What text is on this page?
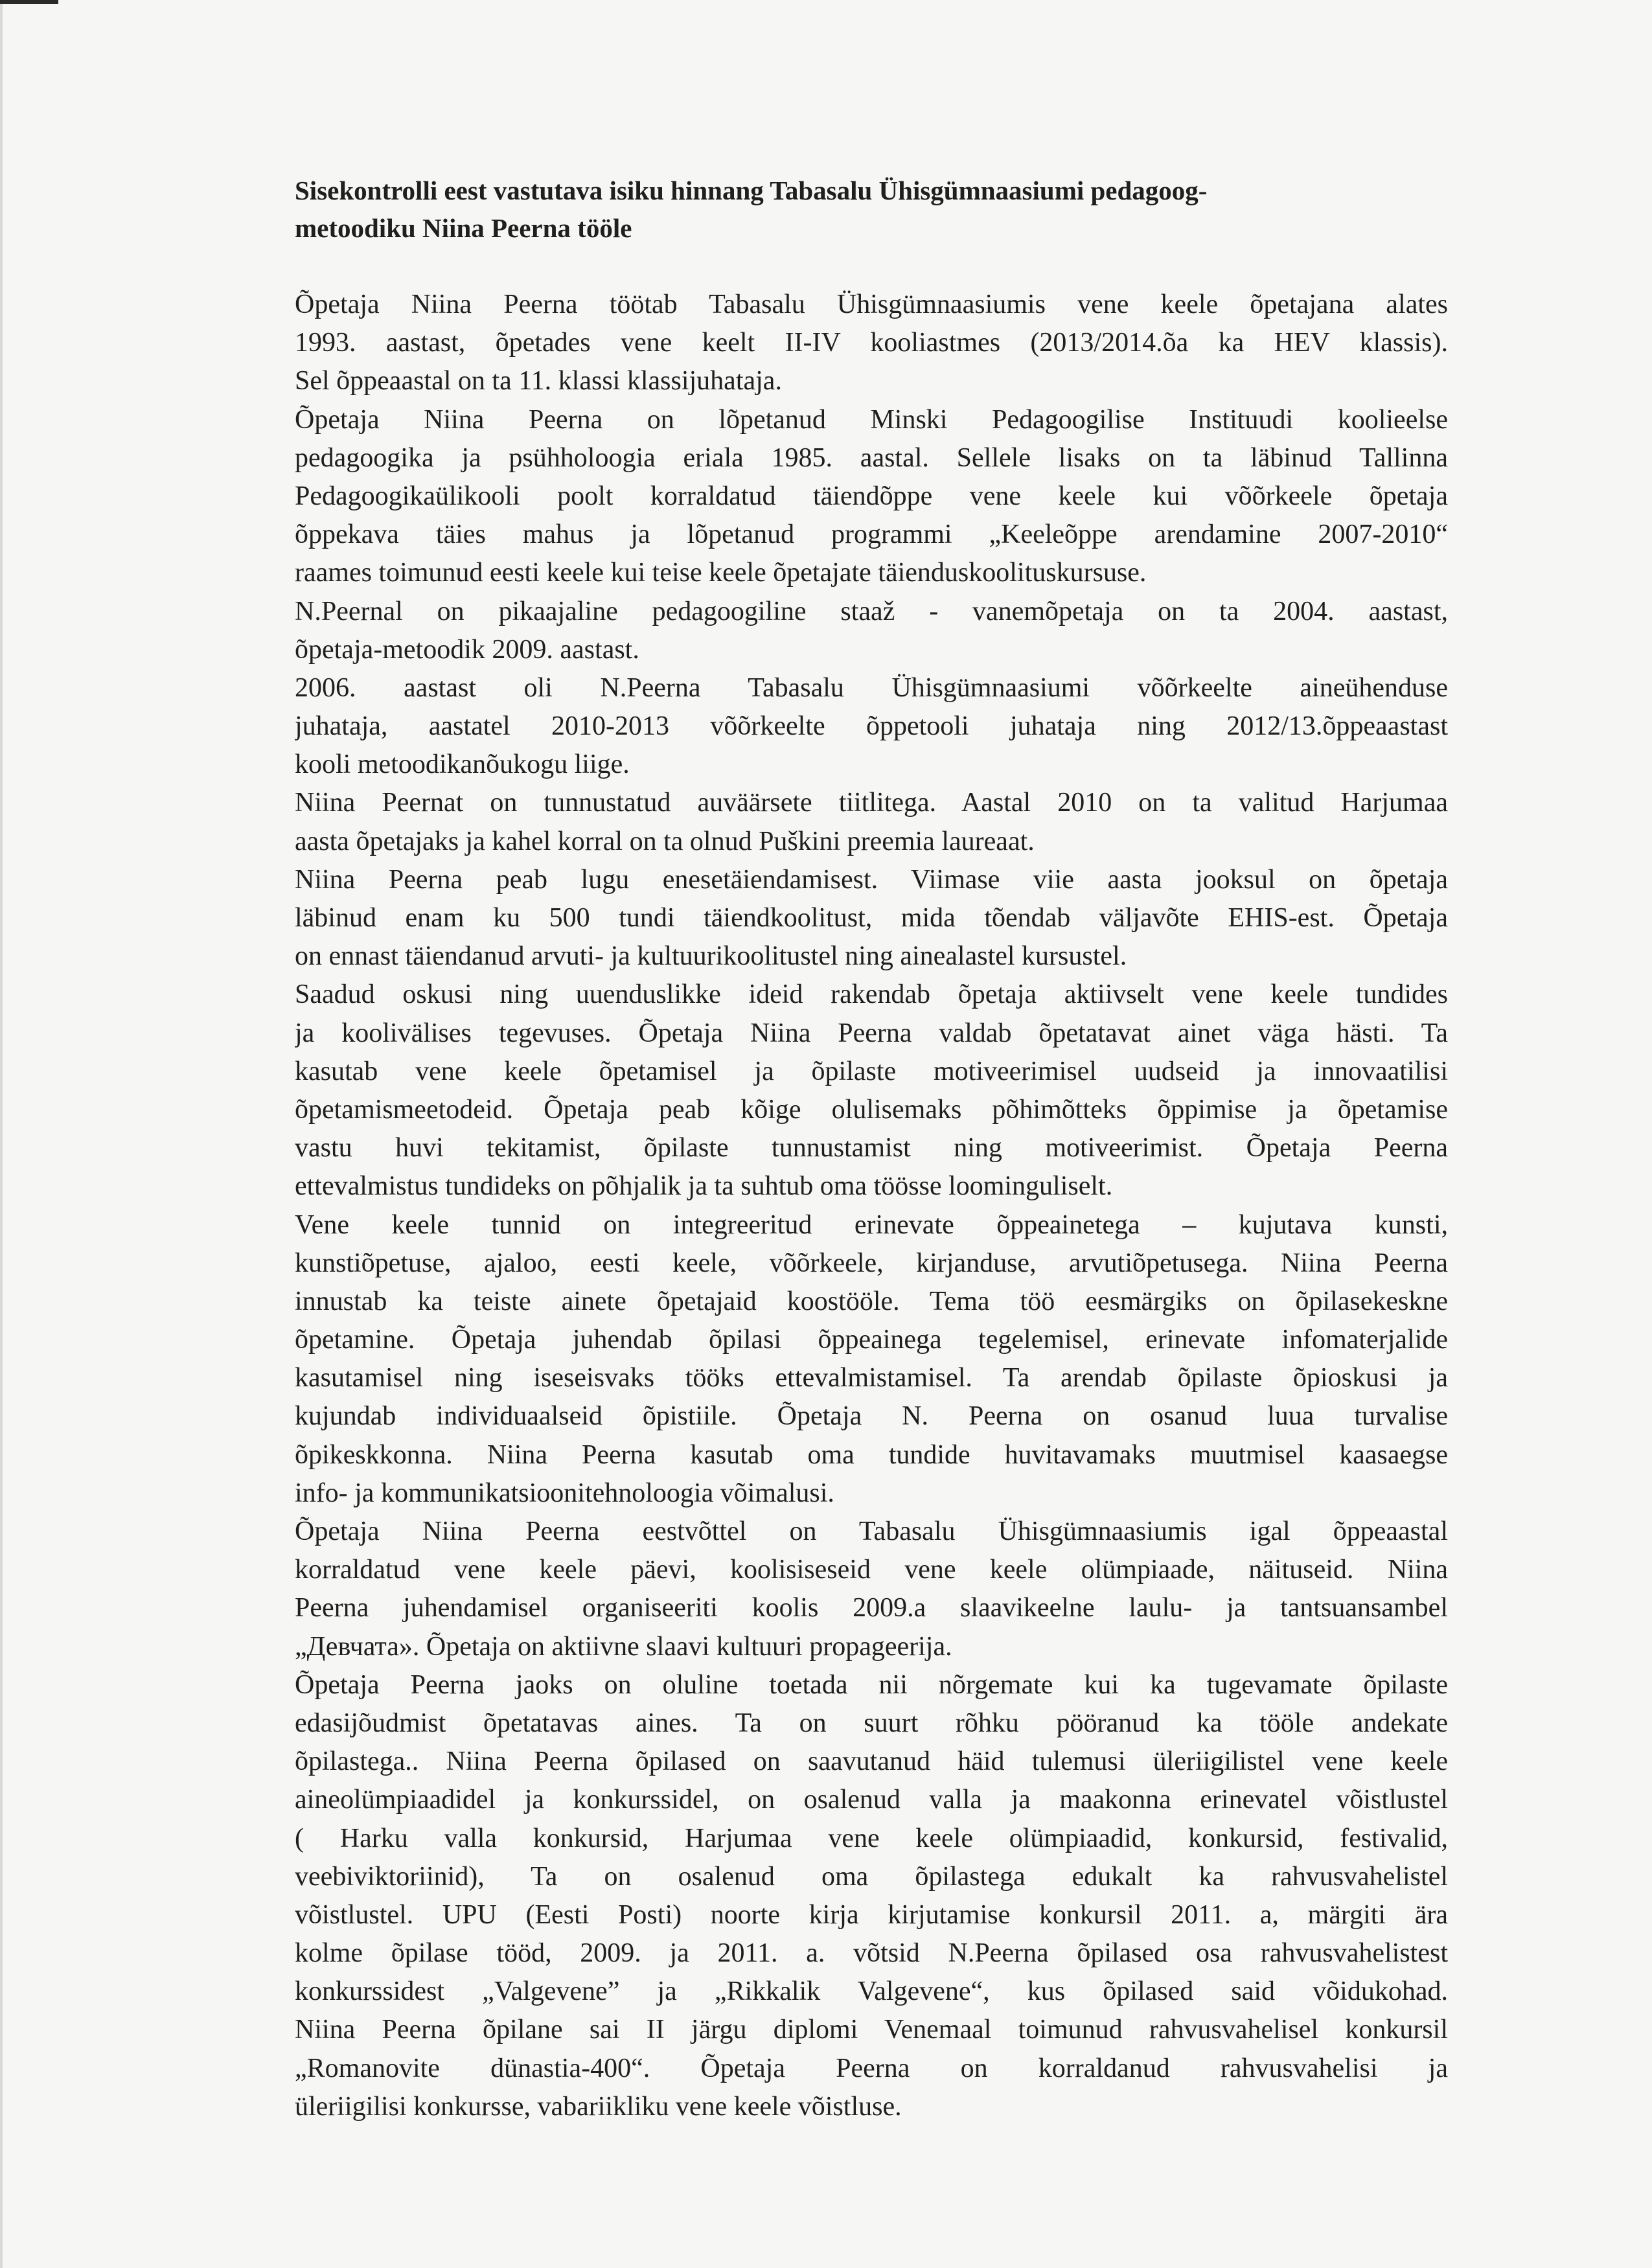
Sisekontrolli eest vastutava isiku hinnang Tabasalu Ühisgümnaasiumi pedagoog-
metoodiku Niina Peerna tööle

Õpetaja Niina Peerna töötab Tabasalu Ühisgümnaasiumis vene keele õpetajana alates
1993. aastast, õpetades vene keelt II-IV kooliastmes (2013/2014.õa ka HEV klassis).
Sel õppeaastal on ta 11. klassi klassijuhataja.

Õpetaja Niina Peerna on lõpetanud Minski Pedagoogilise Instituudi koolieelse
pedagoogika ja psühholoogia eriala 1985. aastal. Sellele lisaks on ta läbinud Tallinna
Pedagoogikaülikooli poolt korraldatud täiendõppe vene keele kui võõrkeele õpetaja
õppekava täies mahus ja lõpetanud programmi „Keeleõppe arendamine 2007-2010“
raames toimunud eesti keele kui teise keele õpetajate täienduskoolituskursuse.

N.Peernal on pikaajaline pedagoogiline staaž - vanemõpetaja on ta 2004. aastast,
õpetaja-metoodik 2009. aastast.

2006. aastast oli N.Peerna Tabasalu Ühisgümnaasiumi võõrkeelte aineühenduse
juhataja, aastatel 2010-2013 võõrkeelte õppetooli juhataja ning 2012/13.õppeaastast
kooli metoodikanõukogu liige.

Niina Peernat on tunnustatud auväärsete tiitlitega. Aastal 2010 on ta valitud Harjumaa
aasta õpetajaks ja kahel korral on ta olnud Puškini preemia laureaat.

Niina Peerna peab lugu enesetäiendamisest. Viimase viie aasta jooksul on õpetaja
läbinud enam ku 500 tundi täiendkoolitust, mida tõendab väljavõte EHIS-est. Õpetaja
on ennast täiendanud arvuti- ja kultuurikoolitustel ning ainealastel kursustel.

Saadud oskusi ning uuenduslikke ideid rakendab õpetaja aktiivselt vene keele tundides
ja koolivälises tegevuses. Õpetaja Niina Peerna valdab õpetatavat ainet väga hästi. Ta
kasutab vene keele õpetamisel ja õpilaste motiveerimisel uudseid ja innovaatilisi
õpetamismeetodeid. Õpetaja peab kõige olulisemaks põhimõtteks õppimise ja õpetamise
vastu huvi tekitamist, õpilaste tunnustamist ning motiveerimist. Õpetaja Peerna
ettevalmistus tundideks on põhjalik ja ta suhtub oma töösse loominguliselt.

Vene keele tunnid on integreeritud erinevate õppeainetega – kujutava kunsti,
kunstiõpetuse, ajaloo, eesti keele, võõrkeele, kirjanduse, arvutiõpetusega. Niina Peerna
innustab ka teiste ainete õpetajaid koostööle. Tema töö eesmärgiks on õpilasekeskne
õpetamine. Õpetaja juhendab õpilasi õppeainega tegelemisel, erinevate infomaterjalide
kasutamisel ning iseseisvaks tööks ettevalmistamisel. Ta arendab õpilaste õpioskusi ja
kujundab individuaalseid õpistiile. Õpetaja N. Peerna on osanud luua turvalise
õpikeskkonna. Niina Peerna kasutab oma tundide huvitavamaks muutmisel kaasaegse
info- ja kommunikatsioonitehnoloogia võimalusi.

Õpetaja Niina Peerna eestvõttel on Tabasalu Ühisgümnaasiumis igal õppeaastal
korraldatud vene keele päevi, koolisiseseid vene keele olümpiaade, näituseid. Niina
Peerna juhendamisel organiseeriti koolis 2009.a slaavikeelne laulu- ja tantsuansambel
„Девчата». Õpetaja on aktiivne slaavi kultuuri propageerija.

Õpetaja Peerna jaoks on oluline toetada nii nõrgemate kui ka tugevamate õpilaste
edasijõudmist õpetatavas aines. Ta on suurt rõhku pööranud ka tööle andekate
õpilastega.. Niina Peerna õpilased on saavutanud häid tulemusi üleriigilistel vene keele
aineolümpiaadidel ja konkurssidel, on osalenud valla ja maakonna erinevatel võistlustel
( Harku valla konkursid, Harjumaa vene keele olümpiaadid, konkursid, festivalid,
veebiviktoriinid), Ta on osalenud oma õpilastega edukalt ka rahvusvahelistel
võistlustel. UPU (Eesti Posti) noorte kirja kirjutamise konkursil 2011. a, märgiti ära
kolme õpilase tööd, 2009. ja 2011. a. võtsid N.Peerna õpilased osa rahvusvahelistest
konkurssidest „Valgevene” ja „Rikkalik Valgevene“, kus õpilased said võidukohad.
Niina Peerna õpilane sai II järgu diplomi Venemaal toimunud rahvusvahelisel konkursil
„Romanovite dünastia-400“. Õpetaja Peerna on korraldanud rahvusvahelisi ja
üleriigilisi konkursse, vabariikliku vene keele võistluse.
